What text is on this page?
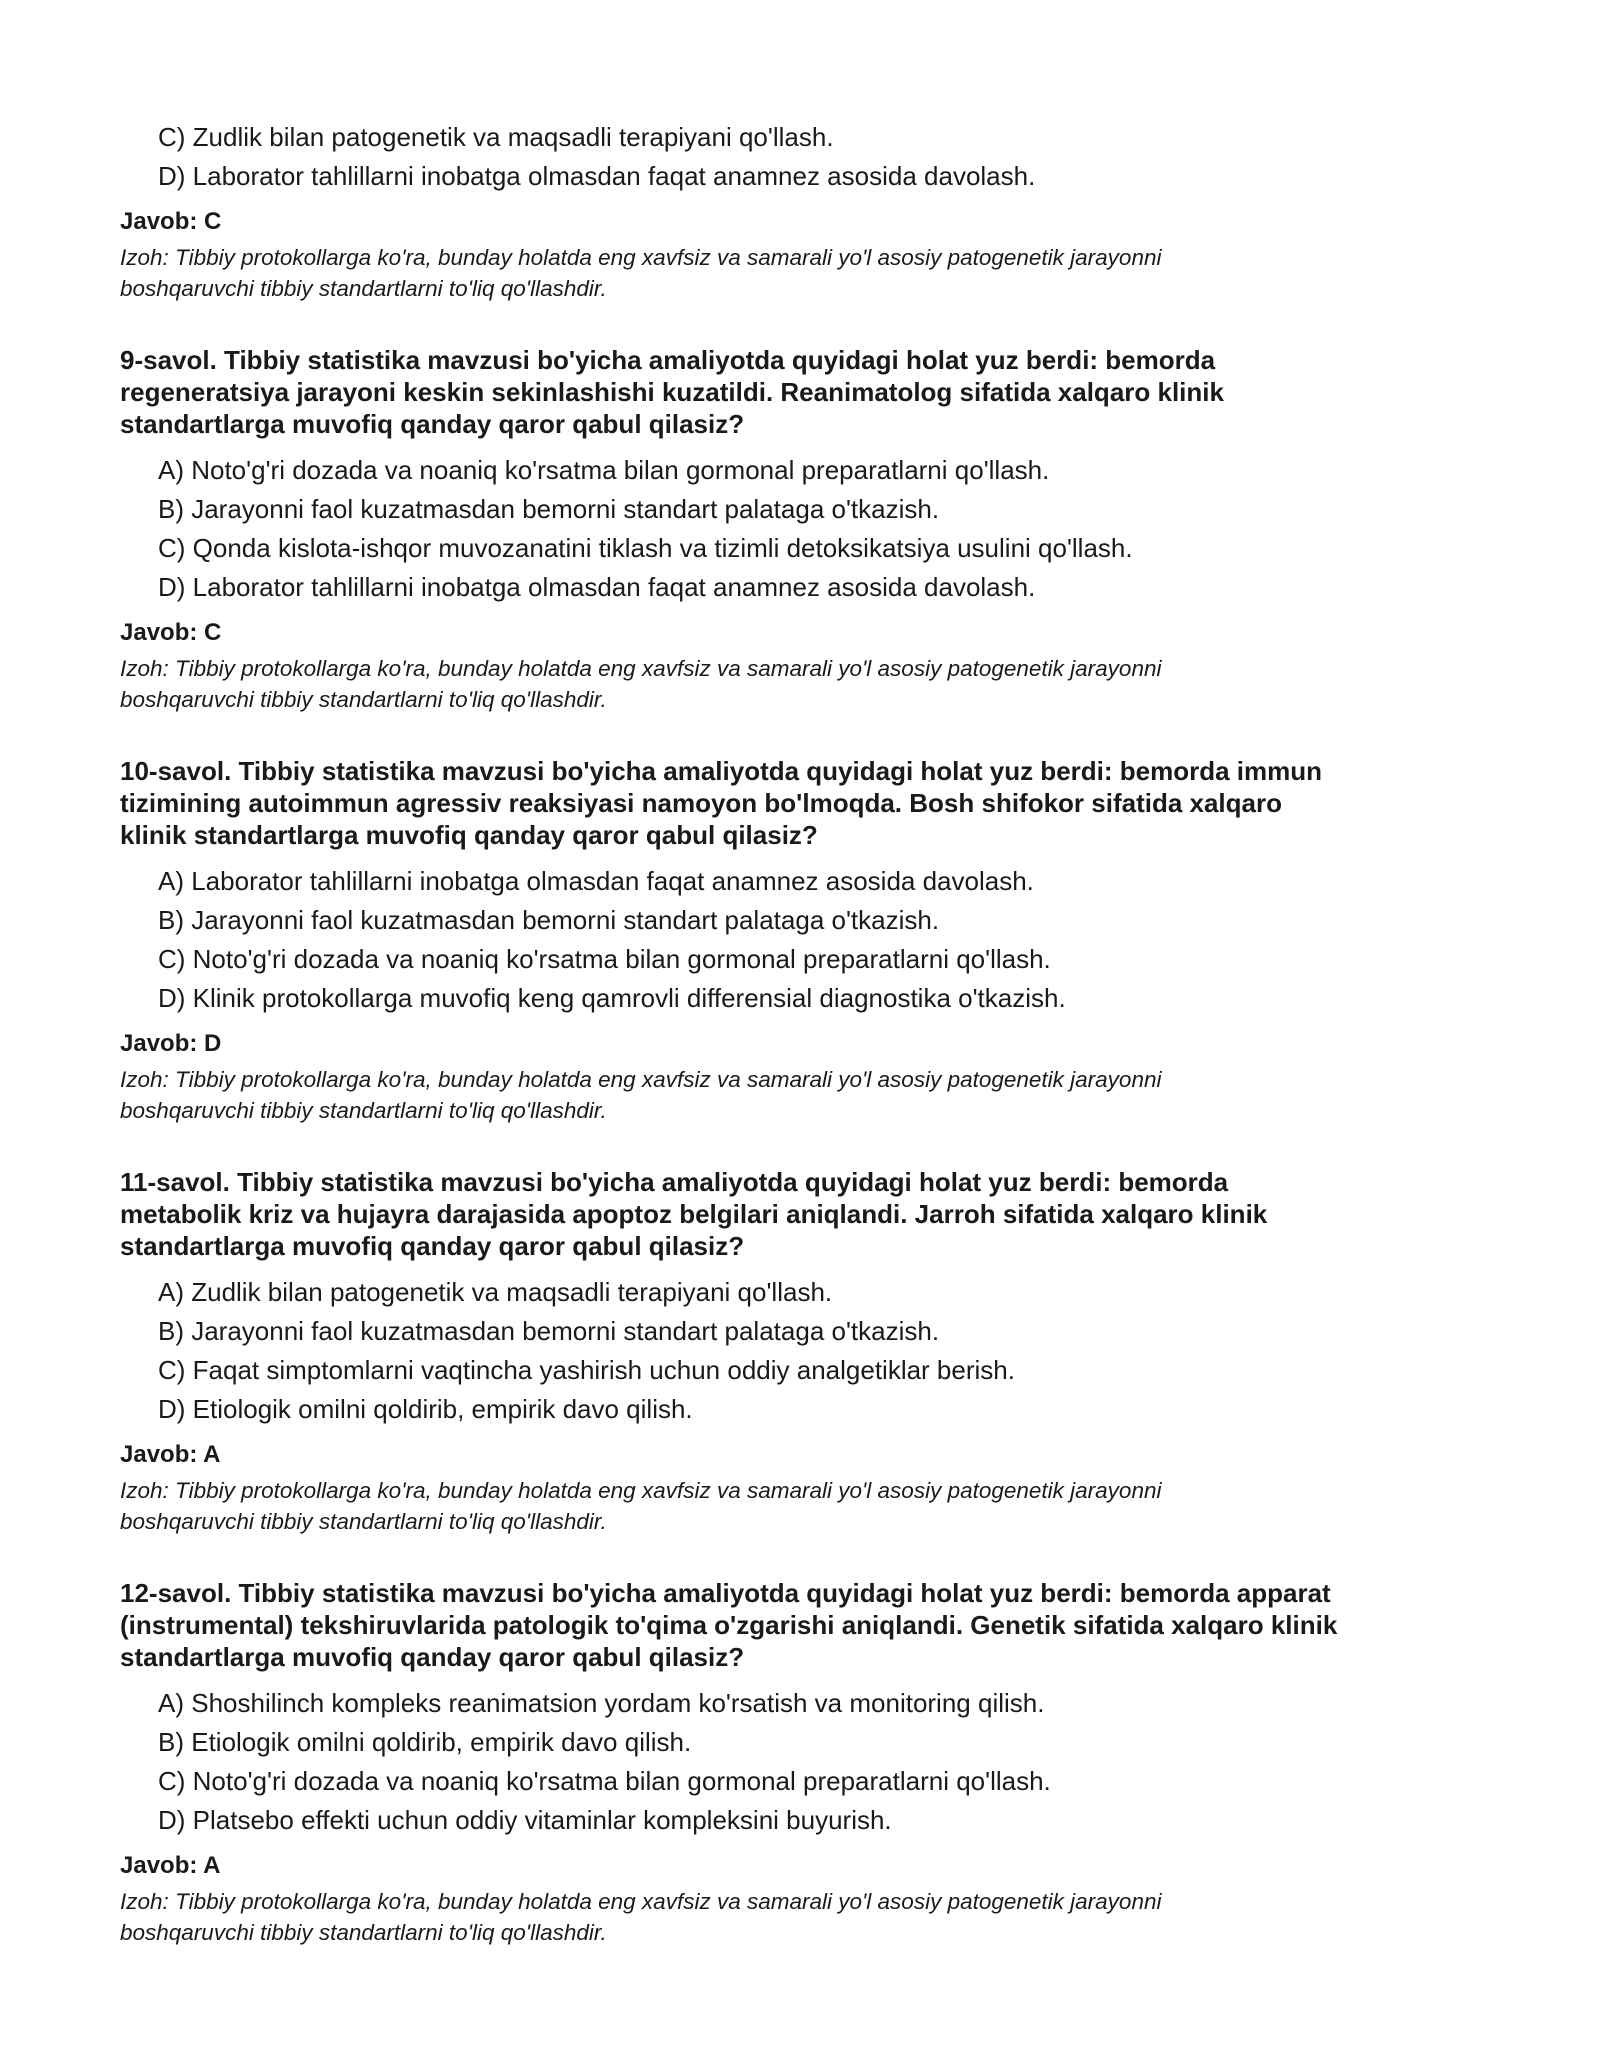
C) Zudlik bilan patogenetik va maqsadli terapiyani qo'llash.
D) Laborator tahlillarni inobatga olmasdan faqat anamnez asosida davolash.
Javob: C
Izoh: Tibbiy protokollarga ko'ra, bunday holatda eng xavfsiz va samarali yo'l asosiy patogenetik jarayonni
boshqaruvchi tibbiy standartlarni to'liq qo'llashdir.
9-savol. Tibbiy statistika mavzusi bo'yicha amaliyotda quyidagi holat yuz berdi: bemorda
regeneratsiya jarayoni keskin sekinlashishi kuzatildi. Reanimatolog sifatida xalqaro klinik
standartlarga muvofiq qanday qaror qabul qilasiz?
A) Noto'g'ri dozada va noaniq ko'rsatma bilan gormonal preparatlarni qo'llash.
B) Jarayonni faol kuzatmasdan bemorni standart palataga o'tkazish.
C) Qonda kislota-ishqor muvozanatini tiklash va tizimli detoksikatsiya usulini qo'llash.
D) Laborator tahlillarni inobatga olmasdan faqat anamnez asosida davolash.
Javob: C
Izoh: Tibbiy protokollarga ko'ra, bunday holatda eng xavfsiz va samarali yo'l asosiy patogenetik jarayonni
boshqaruvchi tibbiy standartlarni to'liq qo'llashdir.
10-savol. Tibbiy statistika mavzusi bo'yicha amaliyotda quyidagi holat yuz berdi: bemorda immun
tizimining autoimmun agressiv reaksiyasi namoyon bo'lmoqda. Bosh shifokor sifatida xalqaro
klinik standartlarga muvofiq qanday qaror qabul qilasiz?
A) Laborator tahlillarni inobatga olmasdan faqat anamnez asosida davolash.
B) Jarayonni faol kuzatmasdan bemorni standart palataga o'tkazish.
C) Noto'g'ri dozada va noaniq ko'rsatma bilan gormonal preparatlarni qo'llash.
D) Klinik protokollarga muvofiq keng qamrovli differensial diagnostika o'tkazish.
Javob: D
Izoh: Tibbiy protokollarga ko'ra, bunday holatda eng xavfsiz va samarali yo'l asosiy patogenetik jarayonni
boshqaruvchi tibbiy standartlarni to'liq qo'llashdir.
11-savol. Tibbiy statistika mavzusi bo'yicha amaliyotda quyidagi holat yuz berdi: bemorda
metabolik kriz va hujayra darajasida apoptoz belgilari aniqlandi. Jarroh sifatida xalqaro klinik
standartlarga muvofiq qanday qaror qabul qilasiz?
A) Zudlik bilan patogenetik va maqsadli terapiyani qo'llash.
B) Jarayonni faol kuzatmasdan bemorni standart palataga o'tkazish.
C) Faqat simptomlarni vaqtincha yashirish uchun oddiy analgetiklar berish.
D) Etiologik omilni qoldirib, empirik davo qilish.
Javob: A
Izoh: Tibbiy protokollarga ko'ra, bunday holatda eng xavfsiz va samarali yo'l asosiy patogenetik jarayonni
boshqaruvchi tibbiy standartlarni to'liq qo'llashdir.
12-savol. Tibbiy statistika mavzusi bo'yicha amaliyotda quyidagi holat yuz berdi: bemorda apparat
(instrumental) tekshiruvlarida patologik to'qima o'zgarishi aniqlandi. Genetik sifatida xalqaro klinik
standartlarga muvofiq qanday qaror qabul qilasiz?
A) Shoshilinch kompleks reanimatsion yordam ko'rsatish va monitoring qilish.
B) Etiologik omilni qoldirib, empirik davo qilish.
C) Noto'g'ri dozada va noaniq ko'rsatma bilan gormonal preparatlarni qo'llash.
D) Platsebo effekti uchun oddiy vitaminlar kompleksini buyurish.
Javob: A
Izoh: Tibbiy protokollarga ko'ra, bunday holatda eng xavfsiz va samarali yo'l asosiy patogenetik jarayonni
boshqaruvchi tibbiy standartlarni to'liq qo'llashdir.
